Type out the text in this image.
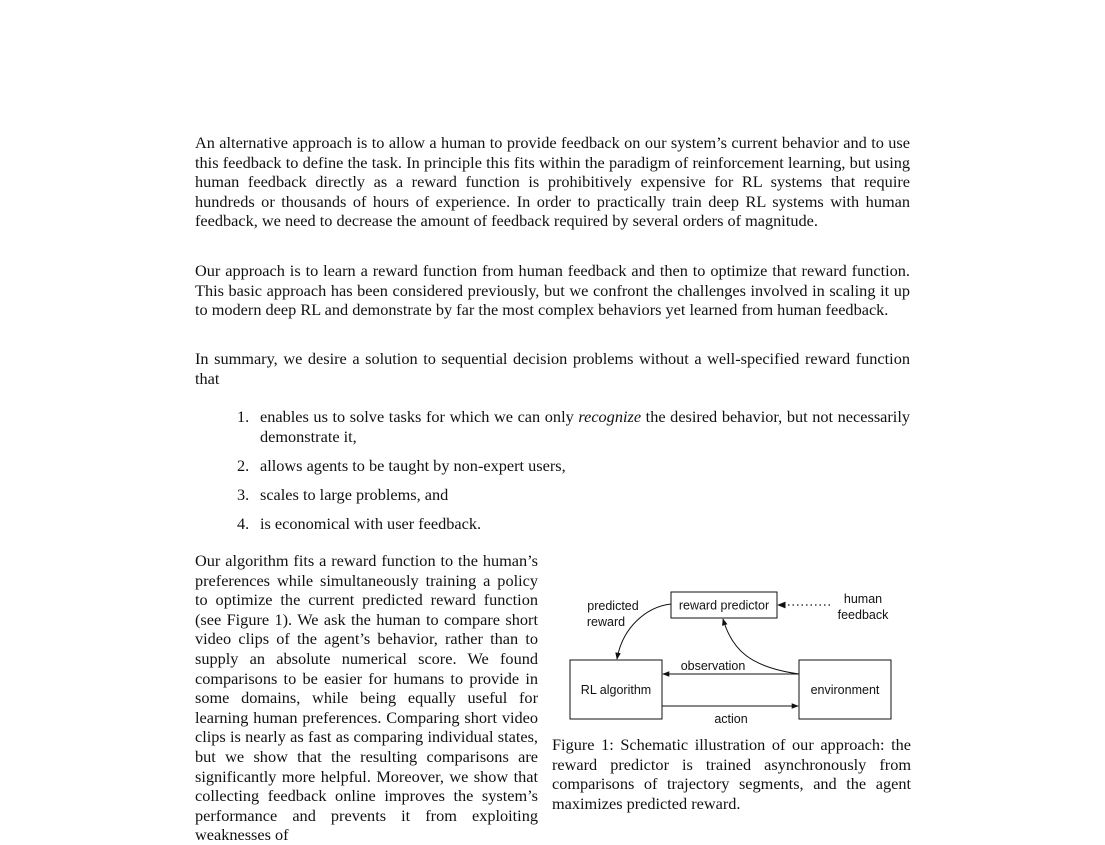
An alternative approach is to allow a human to provide feedback on our system’s current behavior and to use this feedback to define the task. In principle this fits within the paradigm of reinforcement learning, but using human feedback directly as a reward function is prohibitively expensive for RL systems that require hundreds or thousands of hours of experience. In order to practically train deep RL systems with human feedback, we need to decrease the amount of feedback required by several orders of magnitude.

Our approach is to learn a reward function from human feedback and then to optimize that reward function. This basic approach has been considered previously, but we confront the challenges involved in scaling it up to modern deep RL and demonstrate by far the most complex behaviors yet learned from human feedback.

In summary, we desire a solution to sequential decision problems without a well-specified reward function that

1. enables us to solve tasks for which we can only recognize the desired behavior, but not necessarily demonstrate it,
2. allows agents to be taught by non-expert users,
3. scales to large problems, and
4. is economical with user feedback.

Our algorithm fits a reward function to the human’s preferences while simultaneously training a policy to optimize the current predicted reward function (see Figure 1). We ask the human to compare short video clips of the agent’s behavior, rather than to supply an absolute numerical score. We found comparisons to be easier for humans to provide in some domains, while being equally useful for learning human preferences. Comparing short video clips is nearly as fast as comparing individual states, but we show that the resulting comparisons are significantly more helpful. Moreover, we show that collecting feedback online improves the system’s performance and prevents it from exploiting weaknesses of

reward predictor
RL algorithm	environment
predicted
reward
human
feedback
observation
action

Figure 1: Schematic illustration of our approach: the reward predictor is trained asynchronously from comparisons of trajectory segments, and the agent maximizes predicted reward.
